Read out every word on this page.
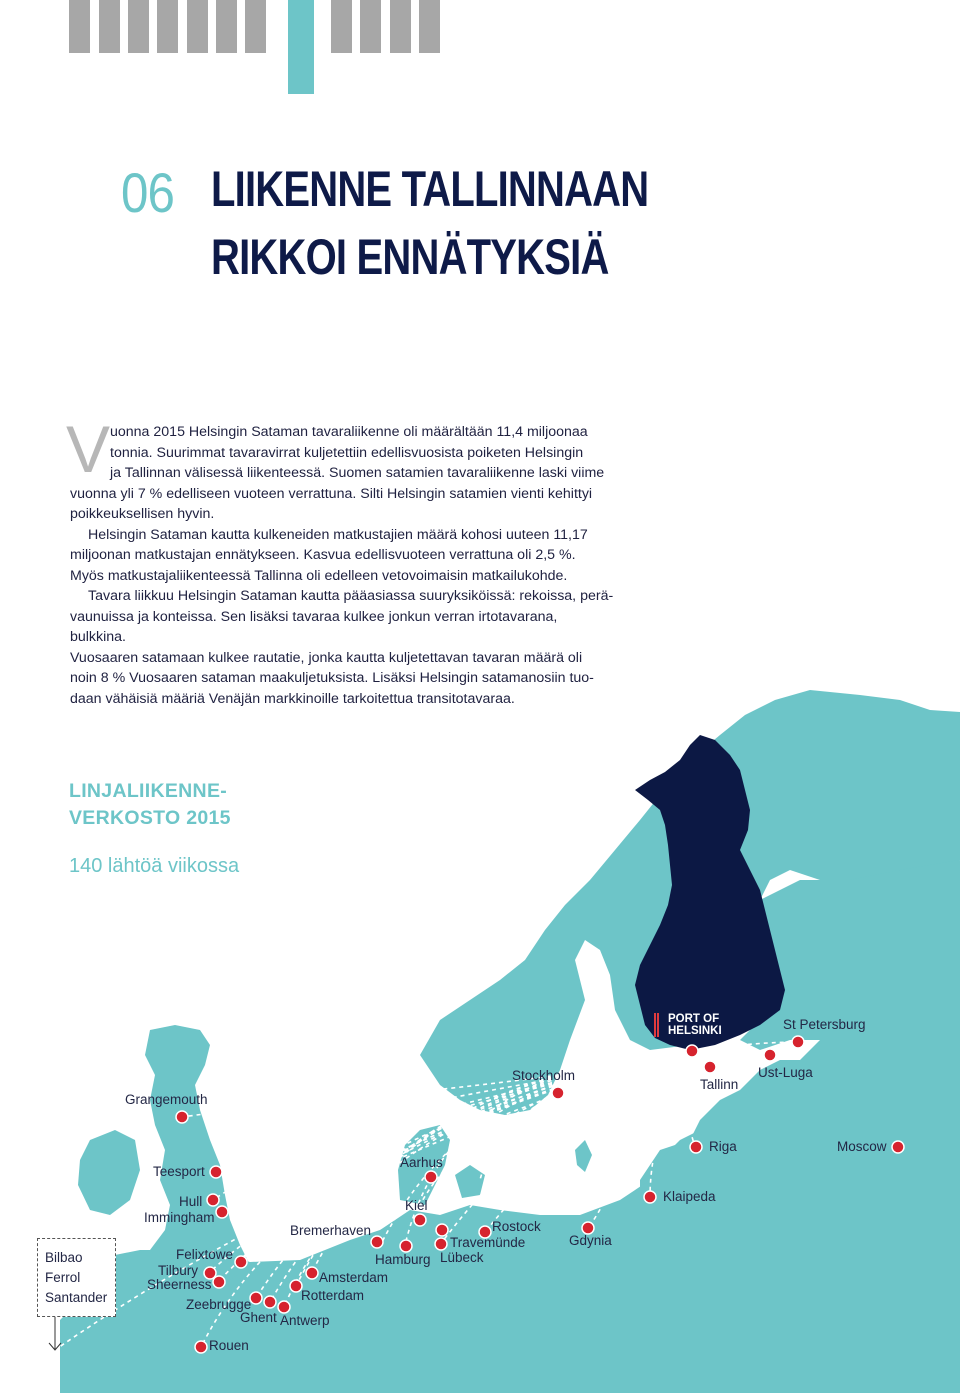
06 LIIKENNE TALLINNAAN
RIKKOI ENNÄTYKSIÄ
V uonna 2015 Helsingin Sataman tavaraliikenne oli määrältään 11,4 miljoonaa

tonnia. Suurimmat tavaravirrat kuljetettiin edellisvuosista poiketen Helsingin

ja Tallinnan välisessä liikenteessä. Suomen satamien tavaraliikenne laski viime

vuonna yli 7 % edelliseen vuoteen verrattuna. Silti Helsingin satamien vienti kehittyi

poikkeuksellisen hyvin.

Helsingin Sataman kautta kulkeneiden matkustajien määrä kohosi uuteen 11,17

miljoonan matkustajan ennätykseen. Kasvua edellisvuoteen verrattuna oli 2,5 %.

Myös matkustajaliikenteessä Tallinna oli edelleen vetovoimaisin matkailukohde.

Tavara liikkuu Helsingin Sataman kautta pääasiassa suuryksiköissä: rekoissa, perä-

vaunuissa ja konteissa. Sen lisäksi tavaraa kulkee jonkun verran irtotavarana, bulkkina.

Vuosaaren satamaan kulkee rautatie, jonka kautta kuljetettavan tavaran määrä oli

noin 8 % Vuosaaren sataman maakuljetuksista. Lisäksi Helsingin satamanosiin tuo-

daan vähäisiä määriä Venäjän markkinoille tarkoitettua transitotavaraa.

LINJALIIKENNE-
VERKOSTO 2015
140 lähtöä viikossa
PORT OF
HELSINKI	St Petersburg
Tallinn
Ust-Luga
Stockholm
Grangemouth
Riga	Moscow
Aarhus
Teesport
Klaipeda
Hull
Immingham
Kiel
Rostock
Bremerhaven
Travemünde	Gdynia
Hamburg Lübeck
Felixtowe
Tilbury
Sheerness	Amsterdam
Rotterdam
Zeebrugge
Ghent Antwerp
Rouen
Bilbao
Ferrol
Santander
